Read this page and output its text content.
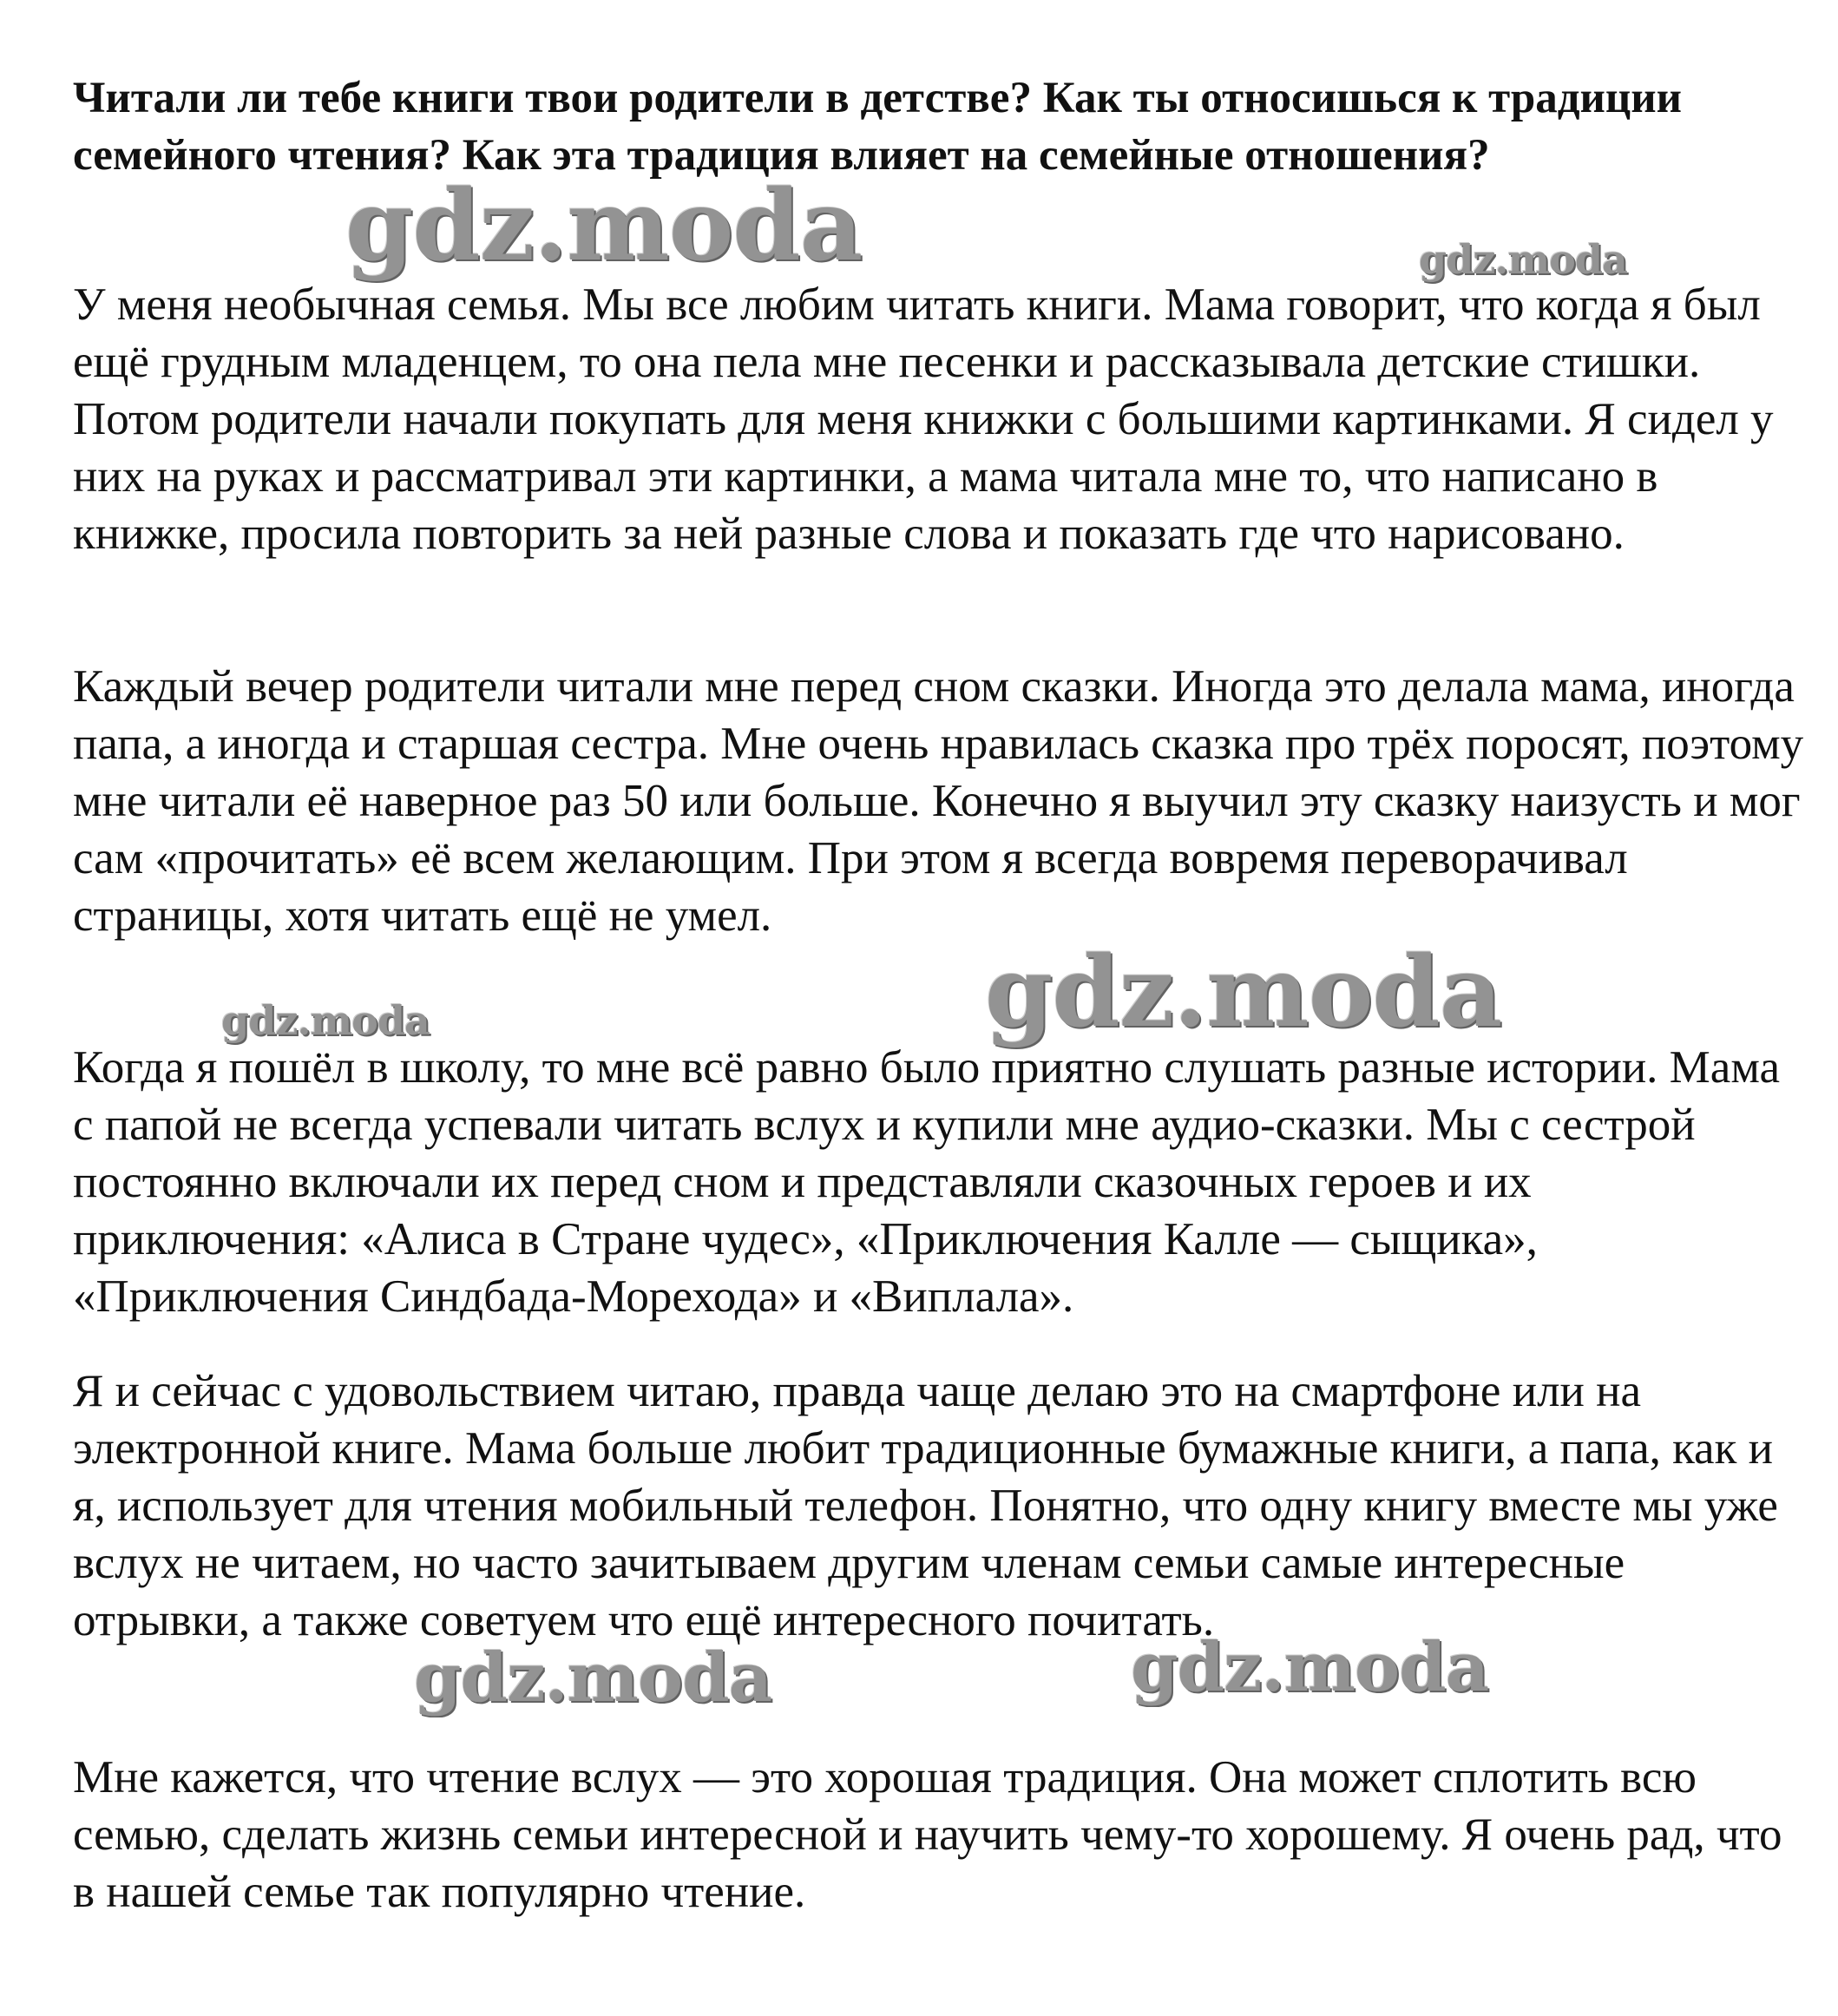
Читали ли тебе книги твои родители в детстве? Как ты относишься к традиции семейного чтения? Как эта традиция влияет на семейные отношения?

У меня необычная семья. Мы все любим читать книги. Мама говорит, что когда я был ещё грудным младенцем, то она пела мне песенки и рассказывала детские стишки. Потом родители начали покупать для меня книжки с большими картинками. Я сидел у них на руках и рассматривал эти картинки, а мама читала мне то, что написано в книжке, просила повторить за ней разные слова и показать где что нарисовано.

Каждый вечер родители читали мне перед сном сказки. Иногда это делала мама, иногда папа, а иногда и старшая сестра. Мне очень нравилась сказка про трёх поросят, поэтому мне читали её наверное раз 50 или больше. Конечно я выучил эту сказку наизусть и мог сам «прочитать» её всем желающим. При этом я всегда вовремя переворачивал страницы, хотя читать ещё не умел.

Когда я пошёл в школу, то мне всё равно было приятно слушать разные истории. Мама с папой не всегда успевали читать вслух и купили мне аудио-сказки. Мы с сестрой постоянно включали их перед сном и представляли сказочных героев и их приключения: «Алиса в Стране чудес», «Приключения Калле — сыщика», «Приключения Синдбада-Морехода» и «Виплала».

Я и сейчас с удовольствием читаю, правда чаще делаю это на смартфоне или на электронной книге. Мама больше любит традиционные бумажные книги, а папа, как и я, использует для чтения мобильный телефон. Понятно, что одну книгу вместе мы уже вслух не читаем, но часто зачитываем другим членам семьи самые интересные отрывки, а также советуем что ещё интересного почитать.

Мне кажется, что чтение вслух — это хорошая традиция. Она может сплотить всю семью, сделать жизнь семьи интересной и научить чему-то хорошему. Я очень рад, что в нашей семье так популярно чтение.

gdz.moda	gdz.moda
gdz.moda
gdz.moda
gdz.moda	gdz.moda
